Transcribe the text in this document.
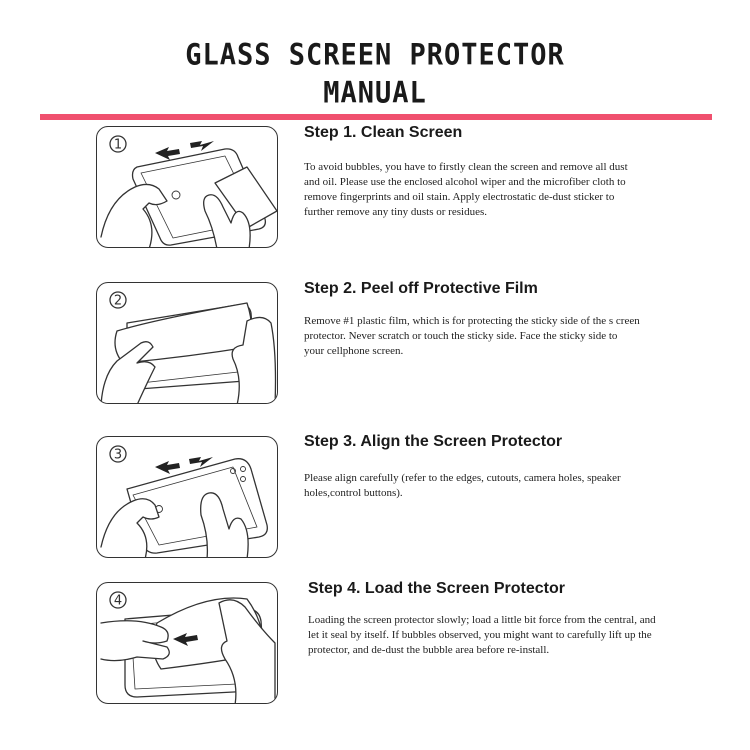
GLASS SCREEN PROTECTOR
MANUAL
1
Step 1. Clean Screen
To avoid bubbles, you have to firstly clean the screen and remove all dust and oil. Please use the enclosed alcohol wiper and the microfiber cloth to remove fingerprints and oil stain. Apply electrostatic de-dust sticker to further remove any tiny dusts or residues.
2
Step 2. Peel off Protective Film
Remove #1 plastic film, which is for protecting the sticky side of the s creen protector. Never scratch or touch the sticky side. Face the sticky side to your cellphone screen.
3
Step 3. Align the Screen Protector
Please align carefully (refer to the edges, cutouts, camera holes, speaker holes,control buttons).
4
Step 4. Load the Screen Protector
Loading the screen protector slowly; load a little bit force from the central, and let it seal by itself. If bubbles observed, you might want to carefully lift up the protector, and de-dust the bubble area before re-install.
